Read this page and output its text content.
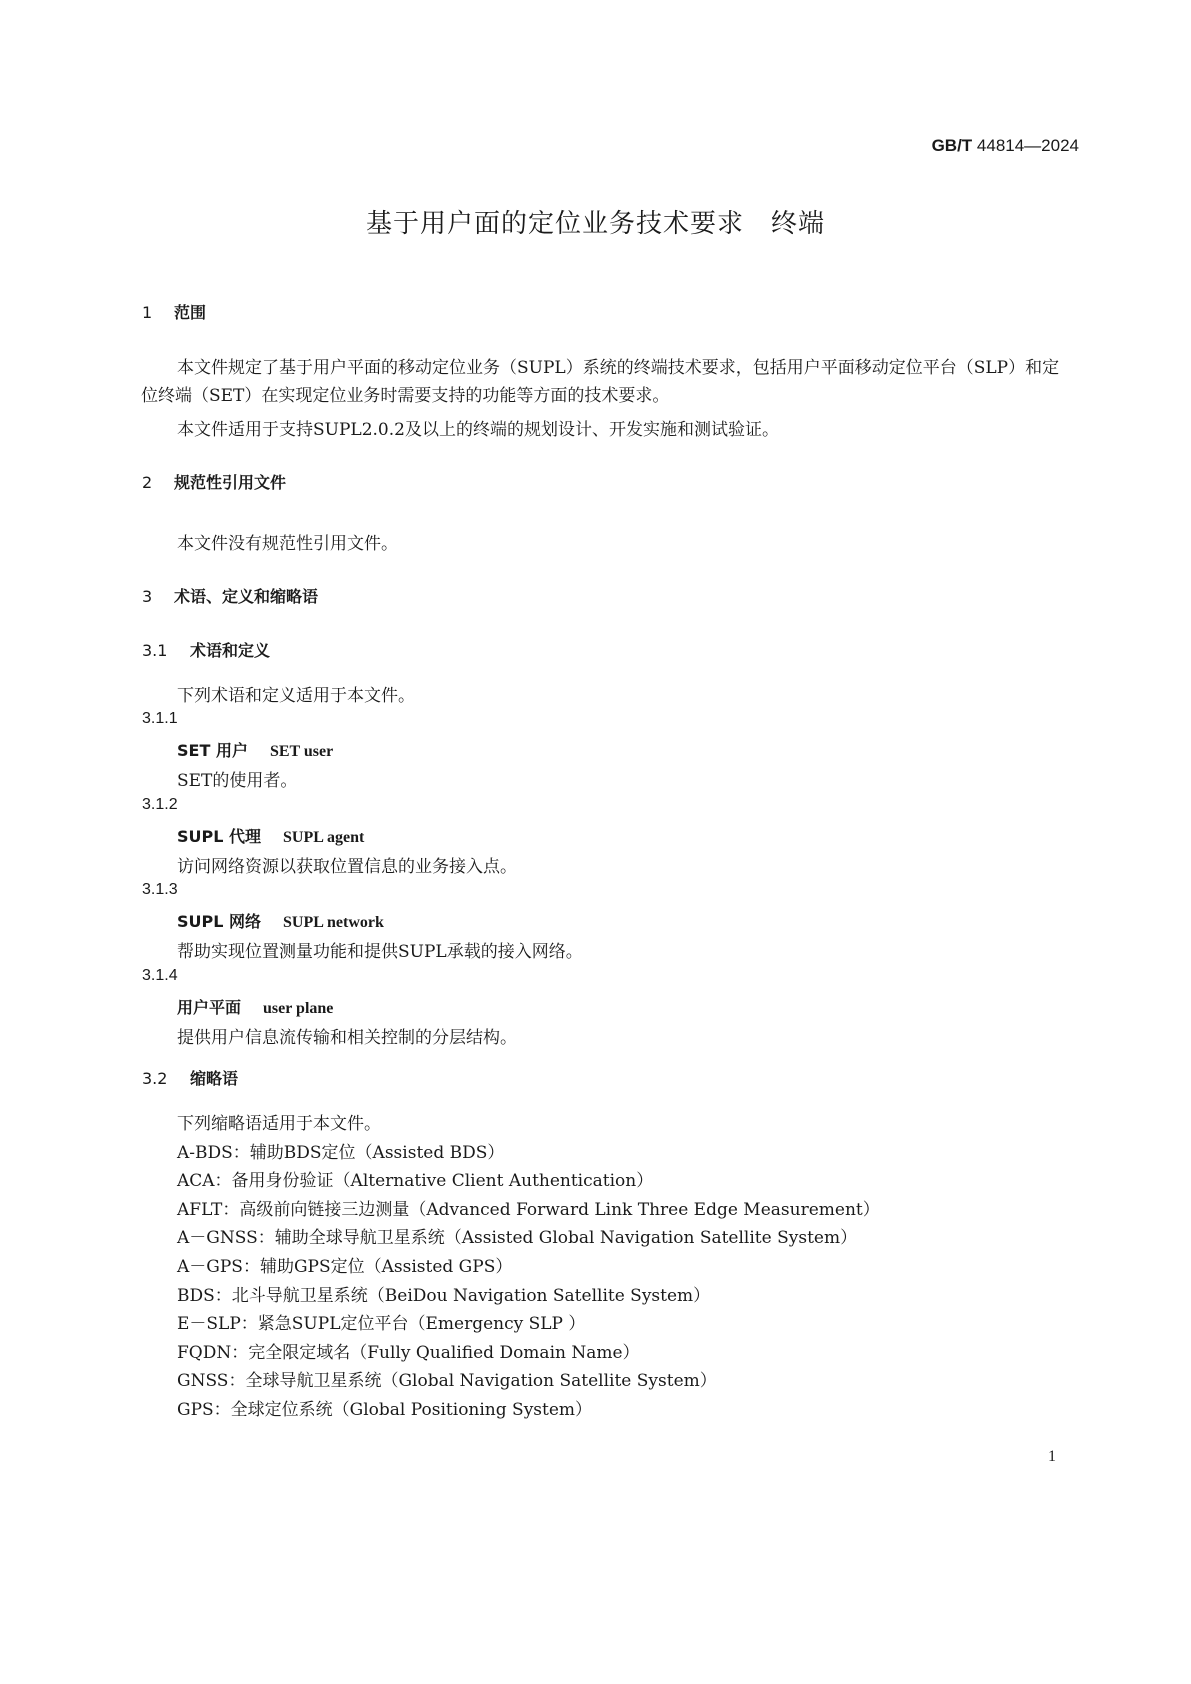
GB/T 44814—2024
基于用户面的定位业务技术要求　终端
1 范围
本文件规定了基于用户平面的移动定位业务（SUPL）系统的终端技术要求，包括用户平面移动定位平台（SLP）和定位终端（SET）在实现定位业务时需要支持的功能等方面的技术要求。
本文件适用于支持SUPL2.0.2及以上的终端的规划设计、开发实施和测试验证。
2 规范性引用文件
本文件没有规范性引用文件。
3 术语、定义和缩略语
3.1 术语和定义
下列术语和定义适用于本文件。
3.1.1
SET 用户 SET user
SET的使用者。
3.1.2
SUPL 代理 SUPL agent
访问网络资源以获取位置信息的业务接入点。
3.1.3
SUPL 网络 SUPL network
帮助实现位置测量功能和提供SUPL承载的接入网络。
3.1.4
用户平面 user plane
提供用户信息流传输和相关控制的分层结构。
3.2 缩略语
下列缩略语适用于本文件。
A-BDS：辅助BDS定位（Assisted BDS）
ACA：备用身份验证（Alternative Client Authentication）
AFLT：高级前向链接三边测量（Advanced Forward Link Three Edge Measurement）
A－GNSS：辅助全球导航卫星系统（Assisted Global Navigation Satellite System）
A－GPS：辅助GPS定位（Assisted GPS）
BDS：北斗导航卫星系统（BeiDou Navigation Satellite System）
E－SLP：紧急SUPL定位平台（Emergency SLP ）
FQDN：完全限定域名（Fully Qualified Domain Name）
GNSS：全球导航卫星系统（Global Navigation Satellite System）
GPS：全球定位系统（Global Positioning System）
1
